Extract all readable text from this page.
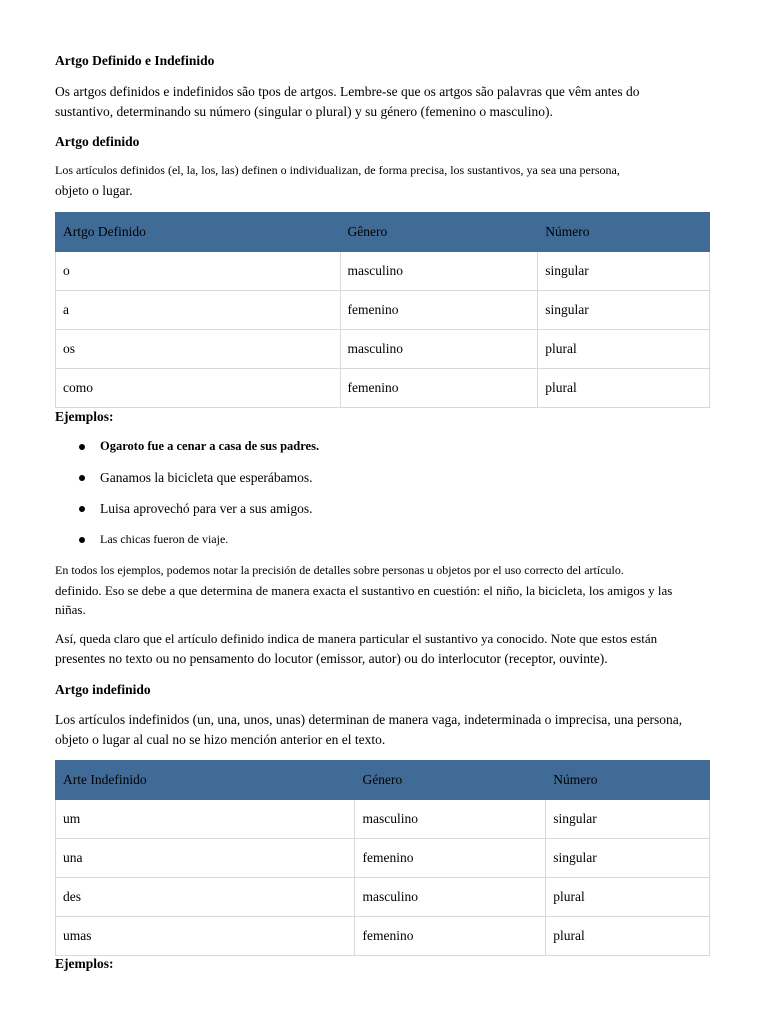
Artgo Definido e Indefinido
Os artgos definidos e indefinidos são tpos de artgos. Lembre-se que os artgos são palavras que vêm antes do
sustantivo, determinando su número (singular o plural) y su género (femenino o masculino).
Artgo definido
Los artículos definidos (el, la, los, las) definen o individualizan, de forma precisa, los sustantivos, ya sea una persona,
objeto o lugar.
Artgo Definido	Gênero	Número
o	masculino	singular
a	femenino	singular
os	masculino	plural
como	femenino	plural
Ejemplos:
Ogaroto fue a cenar a casa de sus padres.
Ganamos la bicicleta que esperábamos.
Luisa aprovechó para ver a sus amigos.
Las chicas fueron de viaje.
En todos los ejemplos, podemos notar la precisión de detalles sobre personas u objetos por el uso correcto del artículo.
definido. Eso se debe a que determina de manera exacta el sustantivo en cuestión: el niño, la bicicleta, los amigos y las
niñas.
Así, queda claro que el artículo definido indica de manera particular el sustantivo ya conocido. Note que estos están
presentes no texto ou no pensamento do locutor (emissor, autor) ou do interlocutor (receptor, ouvinte).
Artgo indefinido
Los artículos indefinidos (un, una, unos, unas) determinan de manera vaga, indeterminada o imprecisa, una persona,
objeto o lugar al cual no se hizo mención anterior en el texto.
Arte Indefinido	Género	Número
um	masculino	singular
una	femenino	singular
des	masculino	plural
umas	femenino	plural
Ejemplos:
